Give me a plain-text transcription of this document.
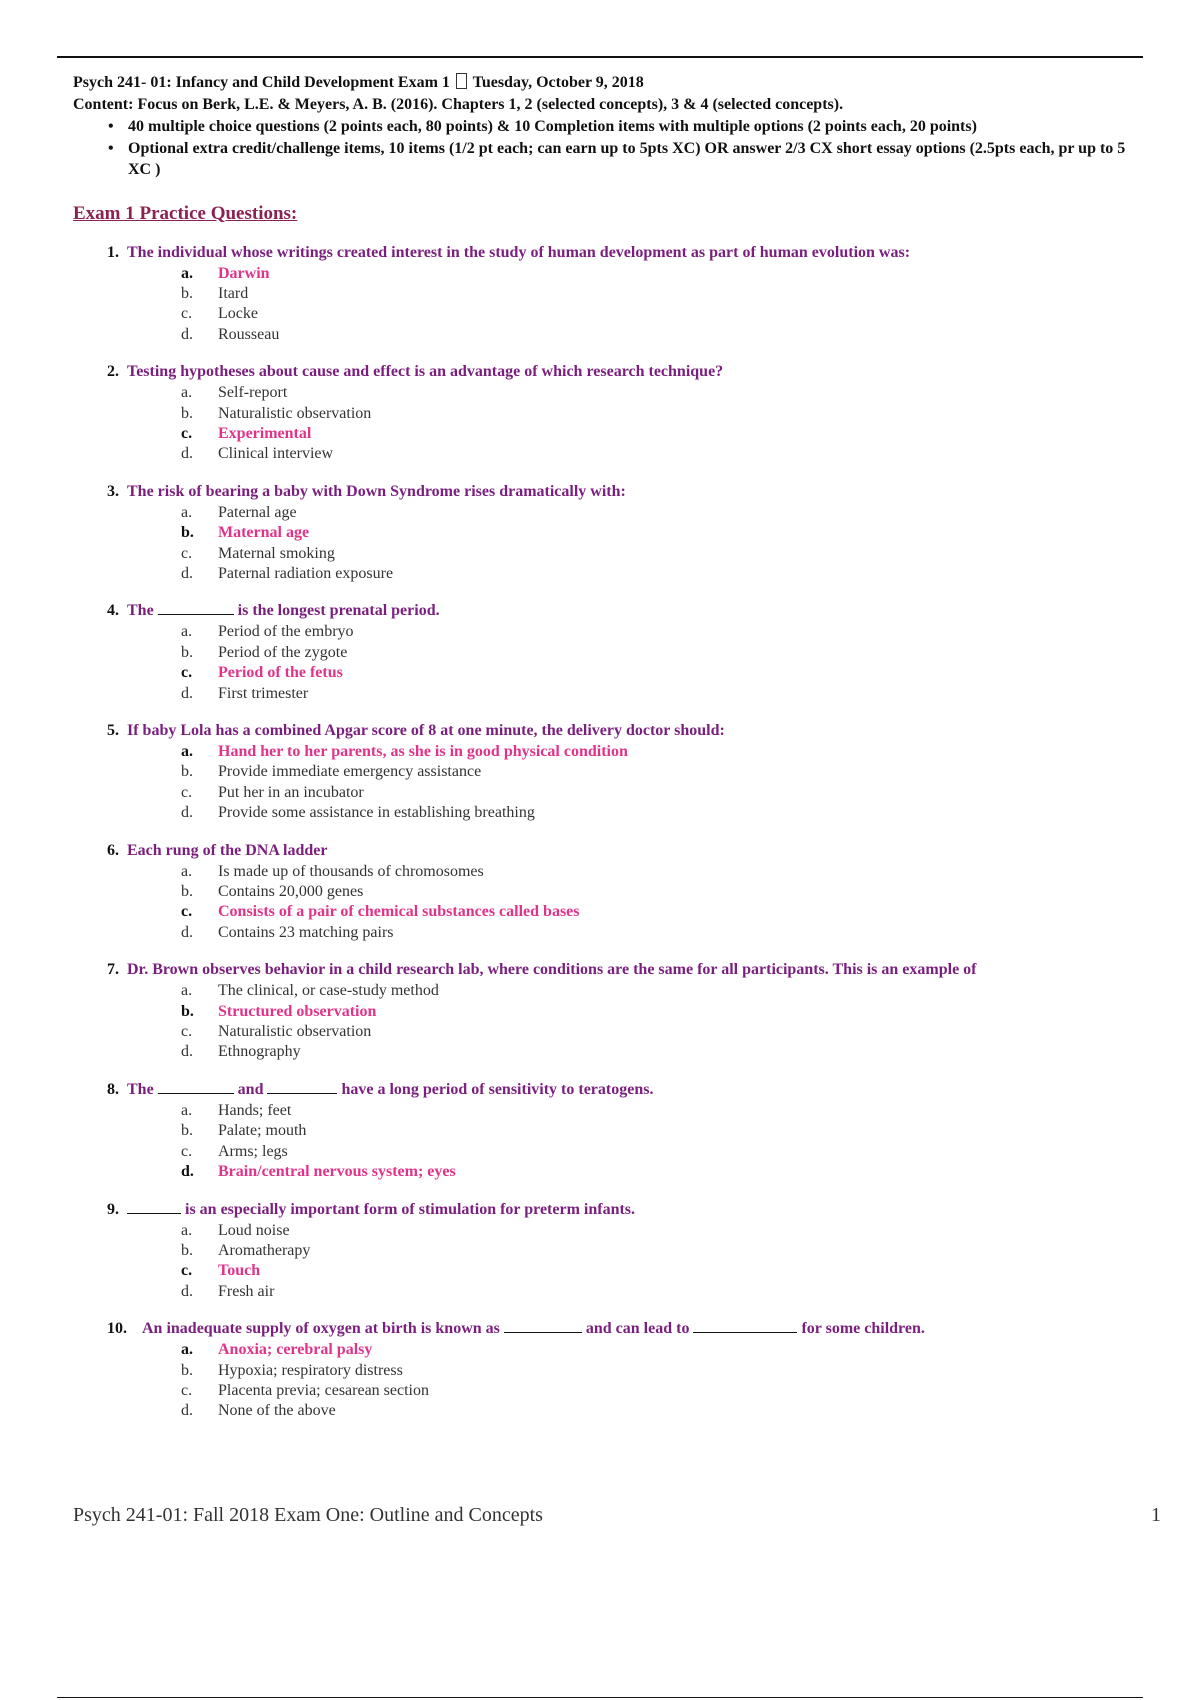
Psych 241- 01: Infancy and Child Development Exam 1 Tuesday, October 9, 2018

Content: Focus on Berk, L.E. & Meyers, A. B. (2016). Chapters 1, 2 (selected concepts), 3 & 4 (selected concepts).

• 40 multiple choice questions (2 points each, 80 points) & 10 Completion items with multiple options (2 points each, 20 points)
• Optional extra credit/challenge items, 10 items (1/2 pt each; can earn up to 5pts XC) OR answer 2/3 CX short essay options (2.5pts each, pr up to 5 XC )
Exam 1 Practice Questions:
1. The individual whose writings created interest in the study of human development as part of human evolution was:
a. Darwin
b. Itard
c. Locke
d. Rousseau
2. Testing hypotheses about cause and effect is an advantage of which research technique?
a. Self-report
b. Naturalistic observation
c. Experimental
d. Clinical interview
3. The risk of bearing a baby with Down Syndrome rises dramatically with:
a. Paternal age
b. Maternal age
c. Maternal smoking
d. Paternal radiation exposure
4. The	is the longest prenatal period.
a. Period of the embryo
b. Period of the zygote
c. Period of the fetus
d. First trimester
5. If baby Lola has a combined Apgar score of 8 at one minute, the delivery doctor should:
a. Hand her to her parents, as she is in good physical condition
b. Provide immediate emergency assistance
c. Put her in an incubator
d. Provide some assistance in establishing breathing
6. Each rung of the DNA ladder
a. Is made up of thousands of chromosomes
b. Contains 20,000 genes
c. Consists of a pair of chemical substances called bases
d. Contains 23 matching pairs
7. Dr. Brown observes behavior in a child research lab, where conditions are the same for all participants. This is an example of
a. The clinical, or case-study method
b. Structured observation
c. Naturalistic observation
d. Ethnography
8. The	and	have a long period of sensitivity to teratogens.
a. Hands; feet
b. Palate; mouth
c. Arms; legs
d. Brain/central nervous system; eyes
9.	is an especially important form of stimulation for preterm infants.
a. Loud noise
b. Aromatherapy
c. Touch
d. Fresh air
10. An inadequate supply of oxygen at birth is known as	and can lead to	for some children.
a. Anoxia; cerebral palsy
b. Hypoxia; respiratory distress
c. Placenta previa; cesarean section
d. None of the above
Psych 241-01: Fall 2018 Exam One: Outline and Concepts	1
